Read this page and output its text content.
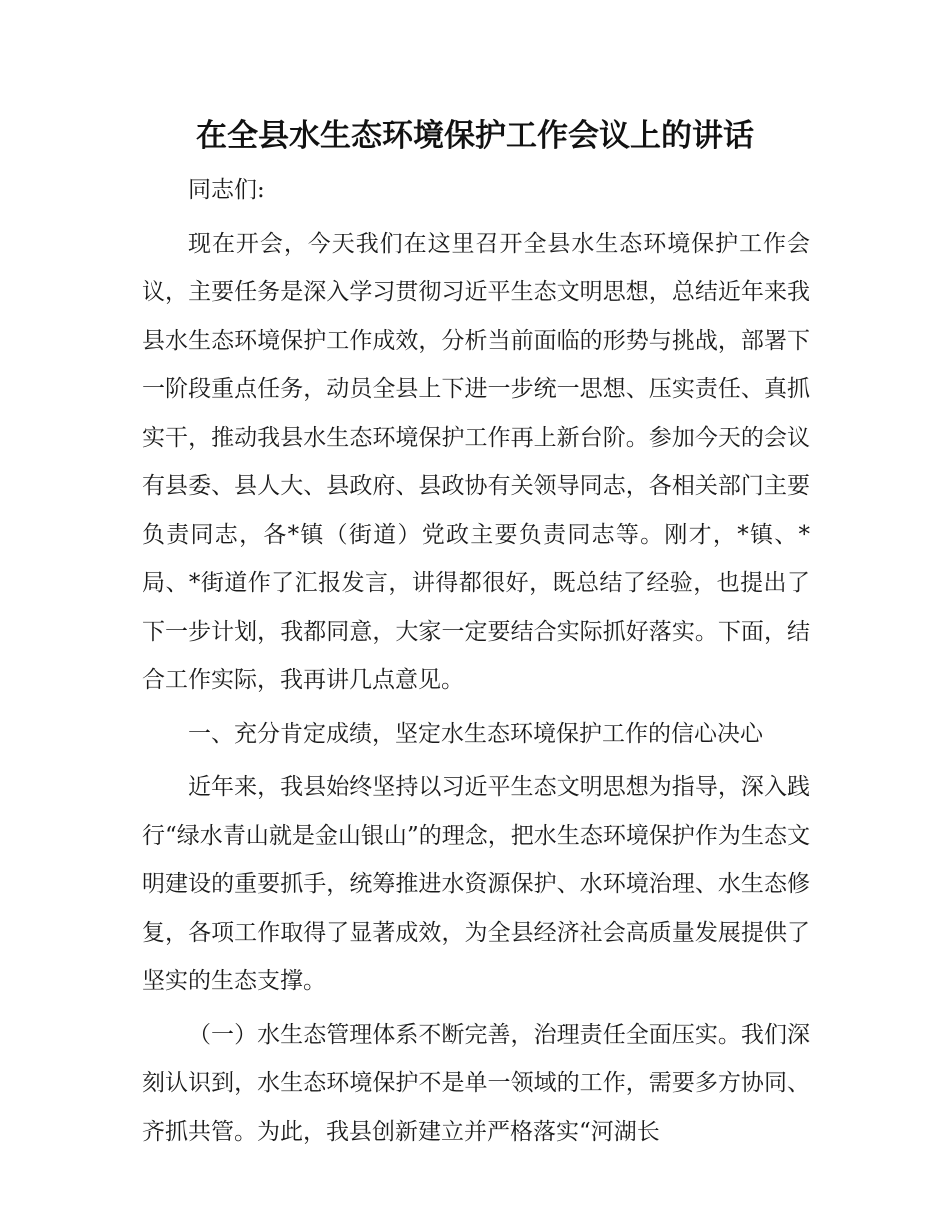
在全县水生态环境保护工作会议上的讲话

同志们:

现在开会，今天我们在这里召开全县水生态环境保护工作会议，主要任务是深入学习贯彻习近平生态文明思想，总结近年来我县水生态环境保护工作成效，分析当前面临的形势与挑战，部署下一阶段重点任务，动员全县上下进一步统一思想、压实责任、真抓实干，推动我县水生态环境保护工作再上新台阶。参加今天的会议有县委、县人大、县政府、县政协有关领导同志，各相关部门主要负责同志，各*镇（街道）党政主要负责同志等。刚才，*镇、*局、*街道作了汇报发言，讲得都很好，既总结了经验，也提出了下一步计划，我都同意，大家一定要结合实际抓好落实。下面，结合工作实际，我再讲几点意见。

一、充分肯定成绩，坚定水生态环境保护工作的信心决心

近年来，我县始终坚持以习近平生态文明思想为指导，深入践行“绿水青山就是金山银山”的理念，把水生态环境保护作为生态文明建设的重要抓手，统筹推进水资源保护、水环境治理、水生态修复，各项工作取得了显著成效，为全县经济社会高质量发展提供了坚实的生态支撑。

（一）水生态管理体系不断完善，治理责任全面压实。我们深刻认识到，水生态环境保护不是单一领域的工作，需要多方协同、齐抓共管。为此，我县创新建立并严格落实“河湖长
